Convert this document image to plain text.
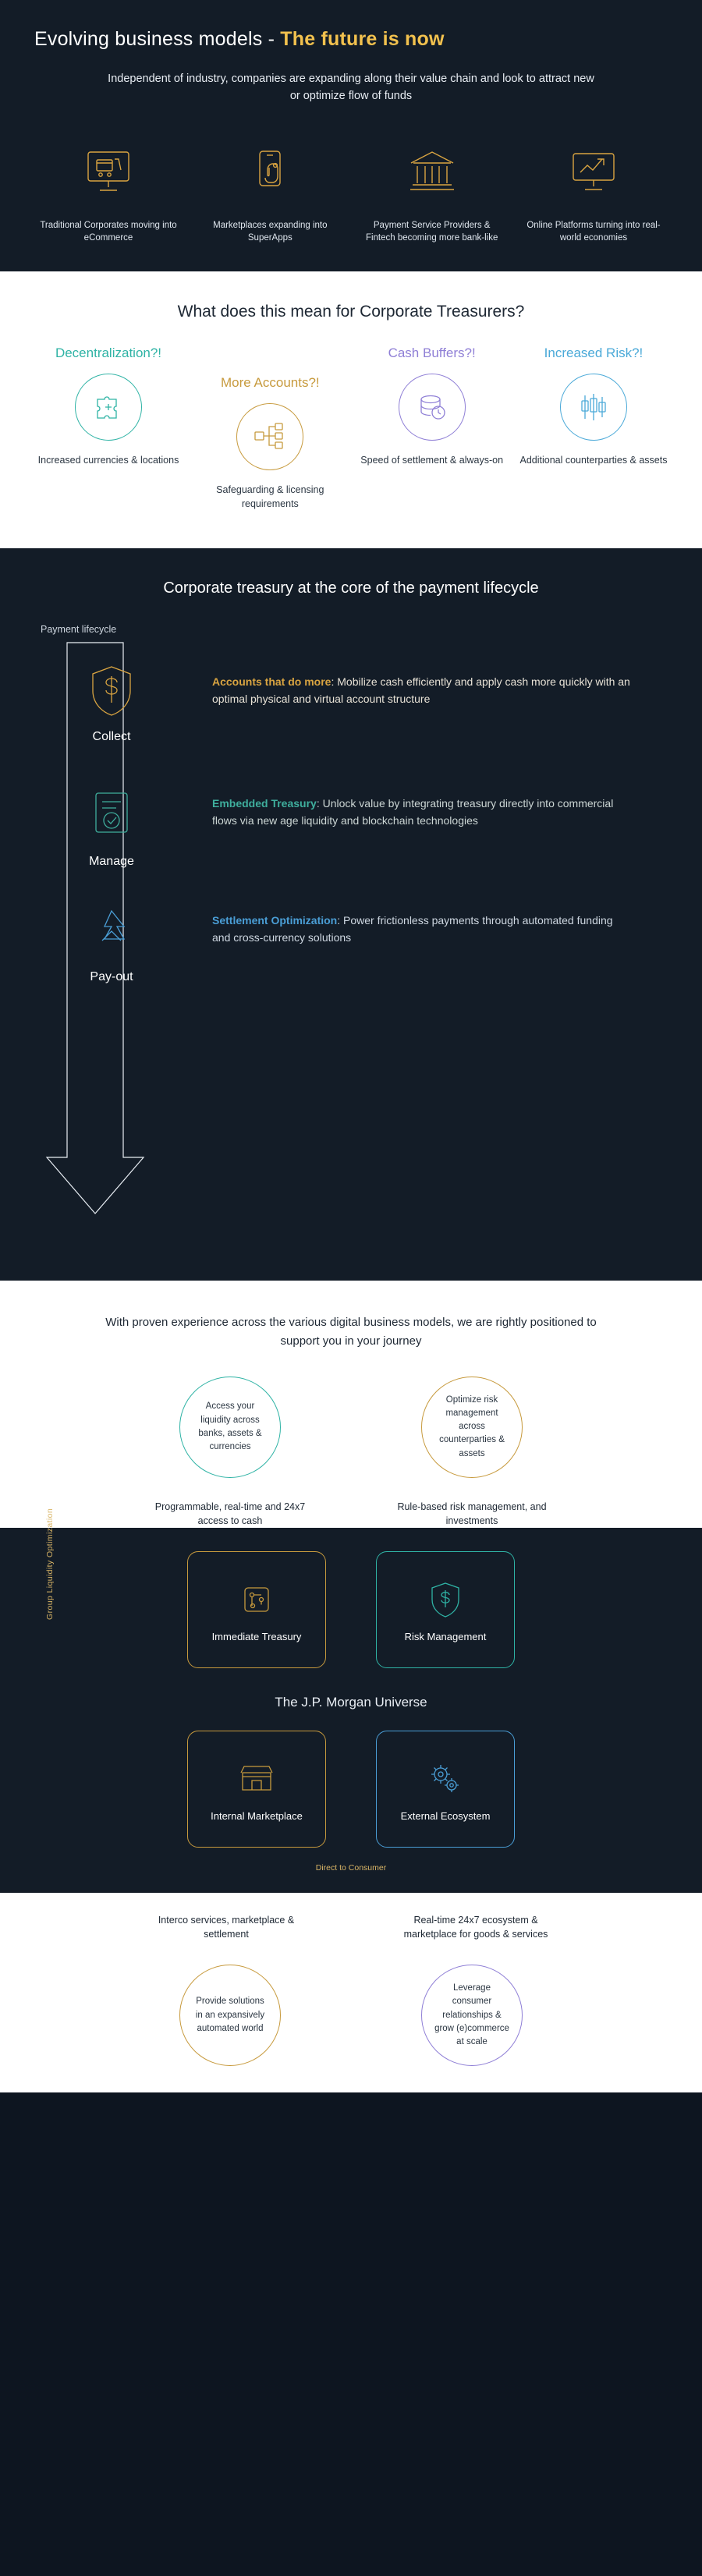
Evolving business models - The future is now
Independent of industry, companies are expanding along their value chain and look to attract new or optimize flow of funds
Traditional Corporates moving into eCommerce
Marketplaces expanding into SuperApps
Payment Service Providers & Fintech becoming more bank-like
Online Platforms turning into real-world economies
What does this mean for Corporate Treasurers?
Decentralization?!
Increased currencies & locations
More Accounts?!
Safeguarding & licensing requirements
Cash Buffers?!
Speed of settlement & always-on
Increased Risk?!
Additional counterparties & assets
Corporate treasury at the core of the payment lifecycle
Payment lifecycle
Collect
Accounts that do more: Mobilize cash efficiently and apply cash more quickly with an optimal physical and virtual account structure
Manage
Embedded Treasury: Unlock value by integrating treasury directly into commercial flows via new age liquidity and blockchain technologies
Pay-out
Settlement Optimization: Power frictionless payments through automated funding and cross-currency solutions
With proven experience across the various digital business models, we are rightly positioned to support you in your journey
Access your liquidity across banks, assets & currencies
Programmable, real-time and 24x7 access to cash
Optimize risk management across counterparties & assets
Rule-based risk management, and investments
Group Liquidity Optimization
Immediate Treasury	Risk Management
The J.P. Morgan Universe
Internal Marketplace	External Ecosystem
Direct to Consumer
Interco services, marketplace & settlement
Real-time 24x7 ecosystem & marketplace for goods & services
Provide solutions in an expansively automated world
Leverage consumer relationships & grow (e)commerce at scale
